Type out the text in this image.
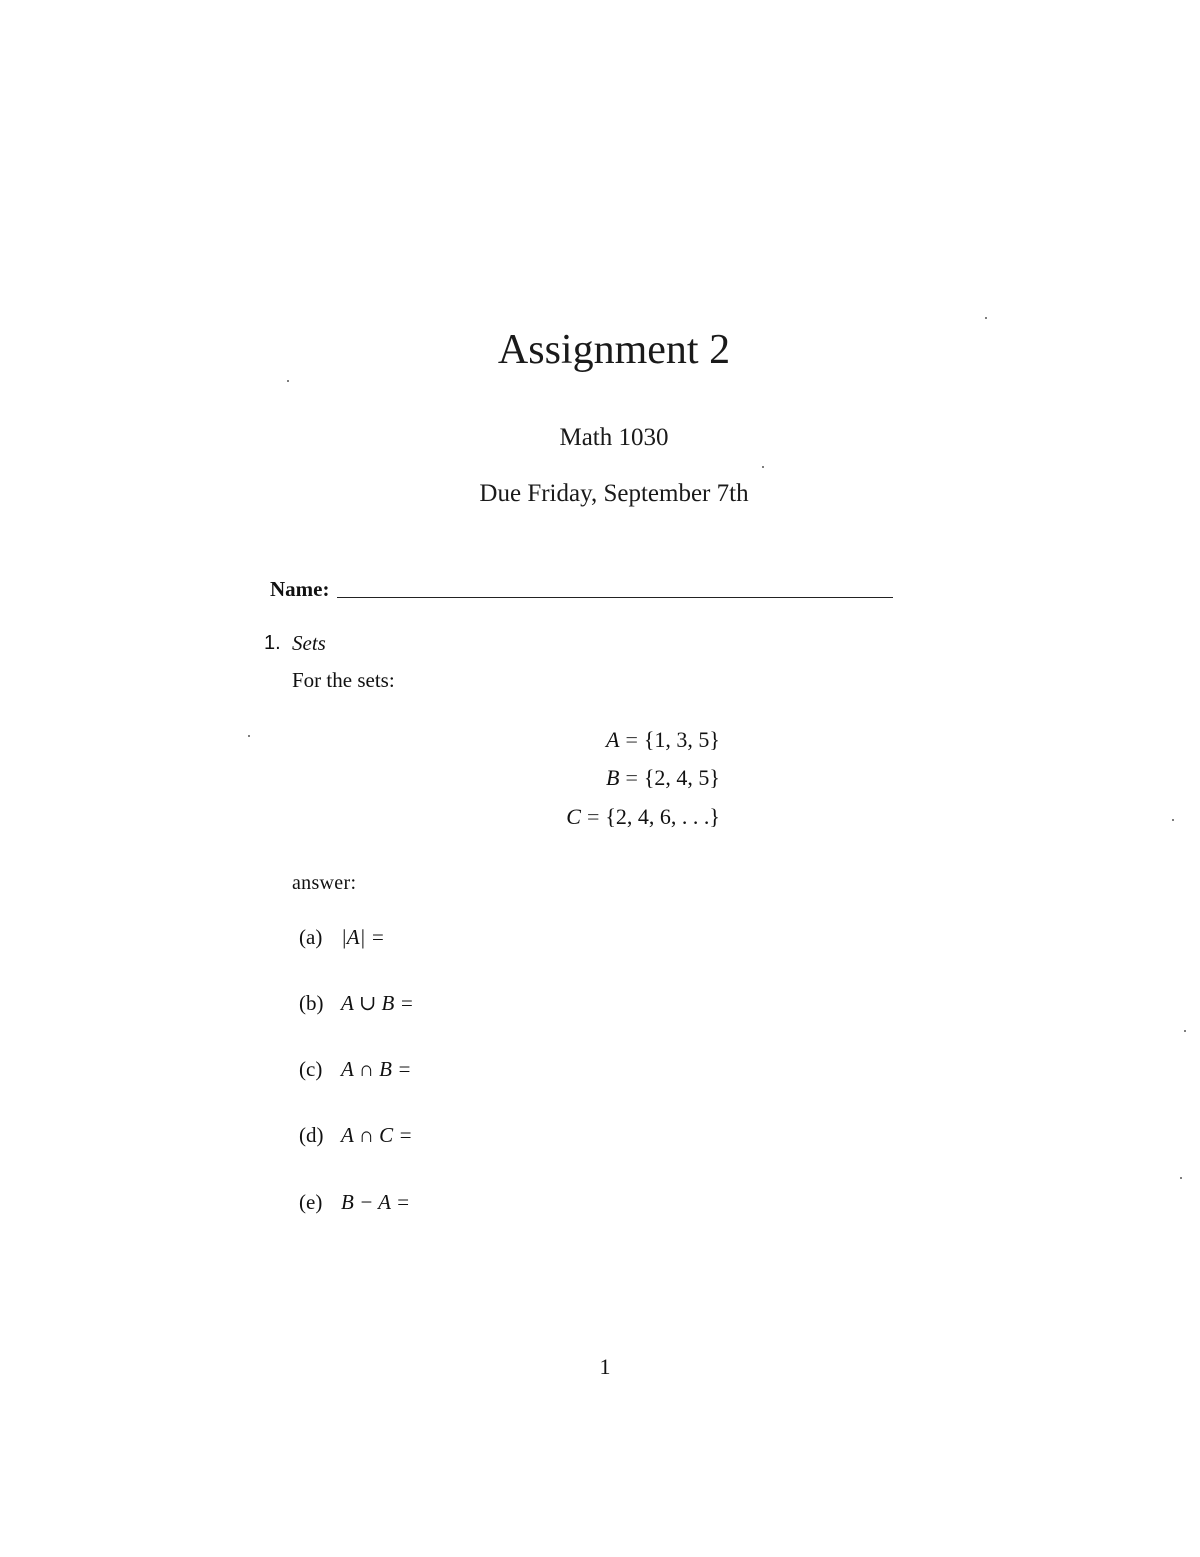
Assignment 2
Math 1030
Due Friday, September 7th
Name:
1. Sets
For the sets:
A = {1, 3, 5}
B = {2, 4, 5}
C = {2, 4, 6, . . .}
answer:
(a) |A| =
(b) A ∪ B =
(c) A ∩ B =
(d) A ∩ C =
(e) B − A =
1
